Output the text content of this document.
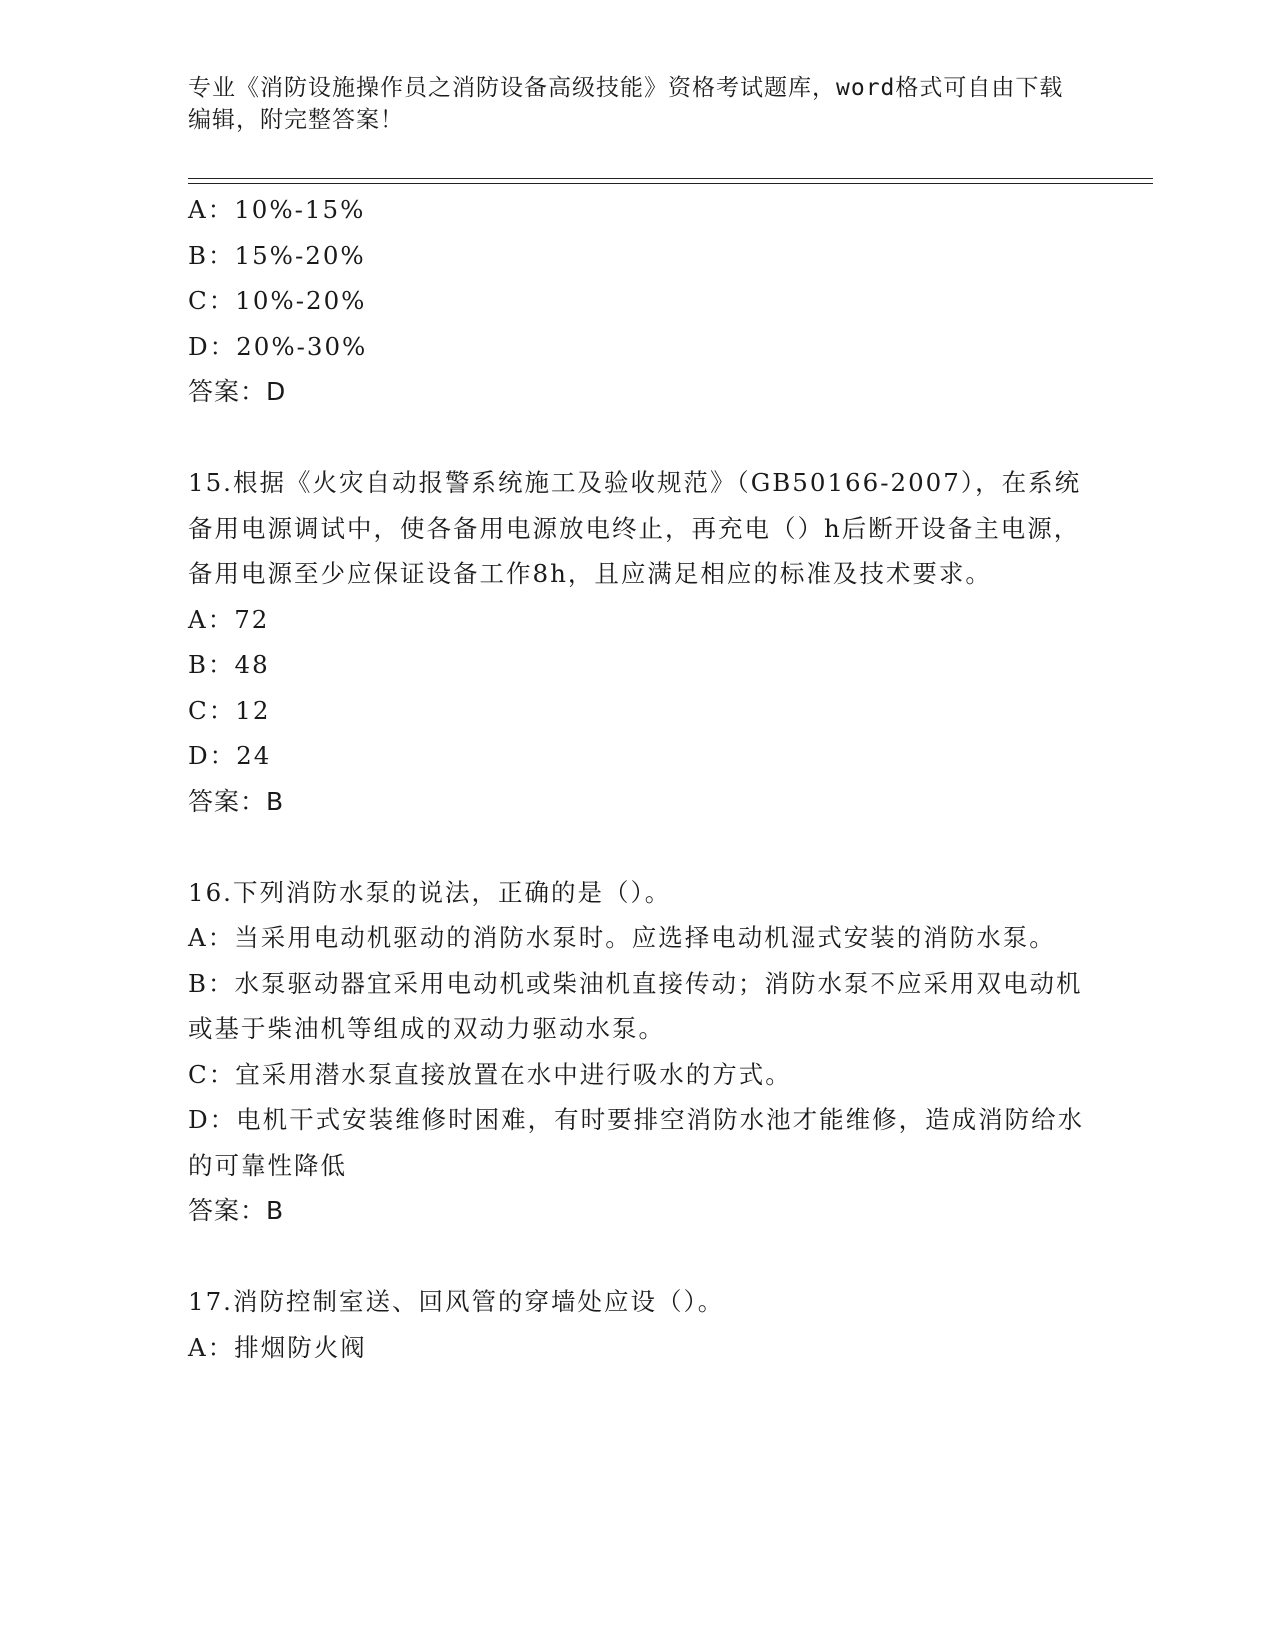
专业《消防设施操作员之消防设备高级技能》资格考试题库，word格式可自由下载编辑，附完整答案！
A：10%-15%
B：15%-20%
C：10%-20%
D：20%-30%
答案：D
15.根据《火灾自动报警系统施工及验收规范》（GB50166-2007），在系统备用电源调试中，使各备用电源放电终止，再充电（）h后断开设备主电源，备用电源至少应保证设备工作8h，且应满足相应的标准及技术要求。
A：72
B：48
C：12
D：24
答案：B
16.下列消防水泵的说法，正确的是（）。
A：当采用电动机驱动的消防水泵时。应选择电动机湿式安装的消防水泵。
B：水泵驱动器宜采用电动机或柴油机直接传动；消防水泵不应采用双电动机或基于柴油机等组成的双动力驱动水泵。
C：宜采用潜水泵直接放置在水中进行吸水的方式。
D：电机干式安装维修时困难，有时要排空消防水池才能维修，造成消防给水的可靠性降低
答案：B
17.消防控制室送、回风管的穿墙处应设（）。
A：排烟防火阀
